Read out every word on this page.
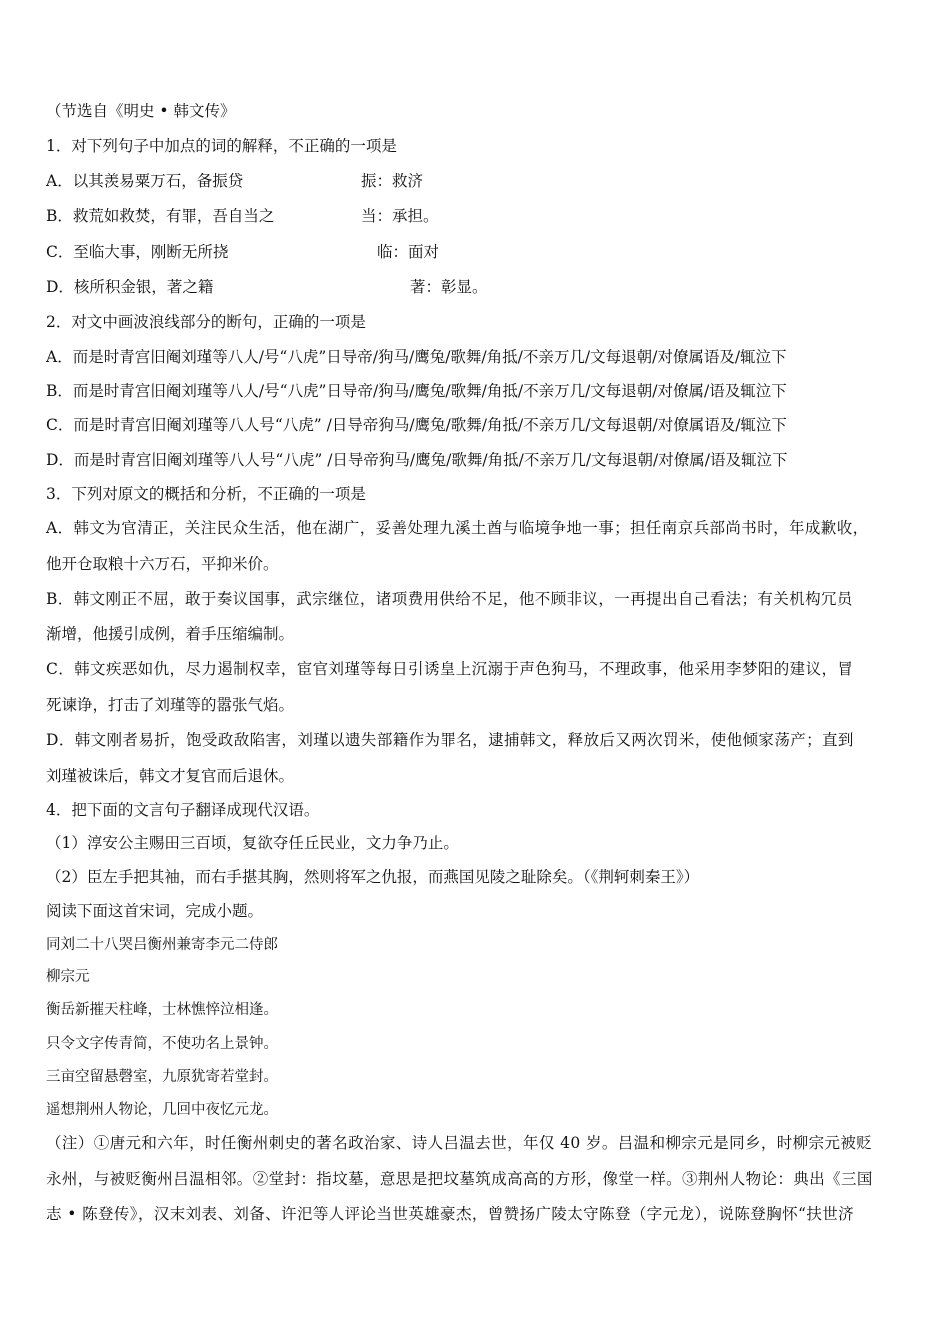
（节选自《明史 • 韩文传》
1．对下列句子中加点的词的解释，不正确的一项是
A．以其羡易粟万石，备振贷	振：救济
B．救荒如救焚，有罪，吾自当之	当：承担。
C．至临大事，刚断无所挠	临：面对
D．核所积金银，著之籍	著：彰显。
2．对文中画波浪线部分的断句，正确的一项是
A．而是时青宫旧阉刘瑾等八人/号“八虎”日导帝/狗马/鹰兔/歌舞/角抵/不亲万几/文每退朝/对僚属语及/辄泣下
B．而是时青宫旧阉刘瑾等八人/号“八虎”日导帝/狗马/鹰兔/歌舞/角抵/不亲万几/文每退朝/对僚属/语及辄泣下
C．而是时青宫旧阉刘瑾等八人号“八虎” /日导帝狗马/鹰兔/歌舞/角抵/不亲万几/文每退朝/对僚属语及/辄泣下
D．而是时青宫旧阉刘瑾等八人号“八虎” /日导帝狗马/鹰兔/歌舞/角抵/不亲万几/文每退朝/对僚属/语及辄泣下
3．下列对原文的概括和分析，不正确的一项是
A．韩文为官清正，关注民众生活，他在湖广，妥善处理九溪土酋与临境争地一事；担任南京兵部尚书时，年成歉收，
他开仓取粮十六万石，平抑米价。
B．韩文刚正不屈，敢于奏议国事，武宗继位，诸项费用供给不足，他不顾非议，一再提出自己看法；有关机构冗员
渐增，他援引成例，着手压缩编制。
C．韩文疾恶如仇，尽力遏制权幸，宦官刘瑾等每日引诱皇上沉溺于声色狗马，不理政事，他采用李梦阳的建议，冒
死谏诤，打击了刘瑾等的嚣张气焰。
D．韩文刚者易折，饱受政敌陷害，刘瑾以遗失部籍作为罪名，逮捕韩文，释放后又两次罚米，使他倾家荡产；直到
刘瑾被诛后，韩文才复官而后退休。
4．把下面的文言句子翻译成现代汉语。
（1）淳安公主赐田三百顷，复欲夺任丘民业，文力争乃止。
（2）臣左手把其袖，而右手揕其胸，然则将军之仇报，而燕国见陵之耻除矣。（《荆轲刺秦王》）
阅读下面这首宋词，完成小题。
同刘二十八哭吕衡州兼寄李元二侍郎
柳宗元
衡岳新摧天柱峰，士林憔悴泣相逢。
只令文字传青简，不使功名上景钟。
三亩空留悬磬室，九原犹寄若堂封。
遥想荆州人物论，几回中夜忆元龙。
（注）①唐元和六年，时任衡州刺史的著名政治家、诗人吕温去世，年仅 40 岁。吕温和柳宗元是同乡，时柳宗元被贬
永州，与被贬衡州吕温相邻。②堂封：指坟墓，意思是把坟墓筑成高高的方形，像堂一样。③荆州人物论：典出《三国
志 • 陈登传》，汉末刘表、刘备、许汜等人评论当世英雄豪杰，曾赞扬广陵太守陈登（字元龙），说陈登胸怀“扶世济
